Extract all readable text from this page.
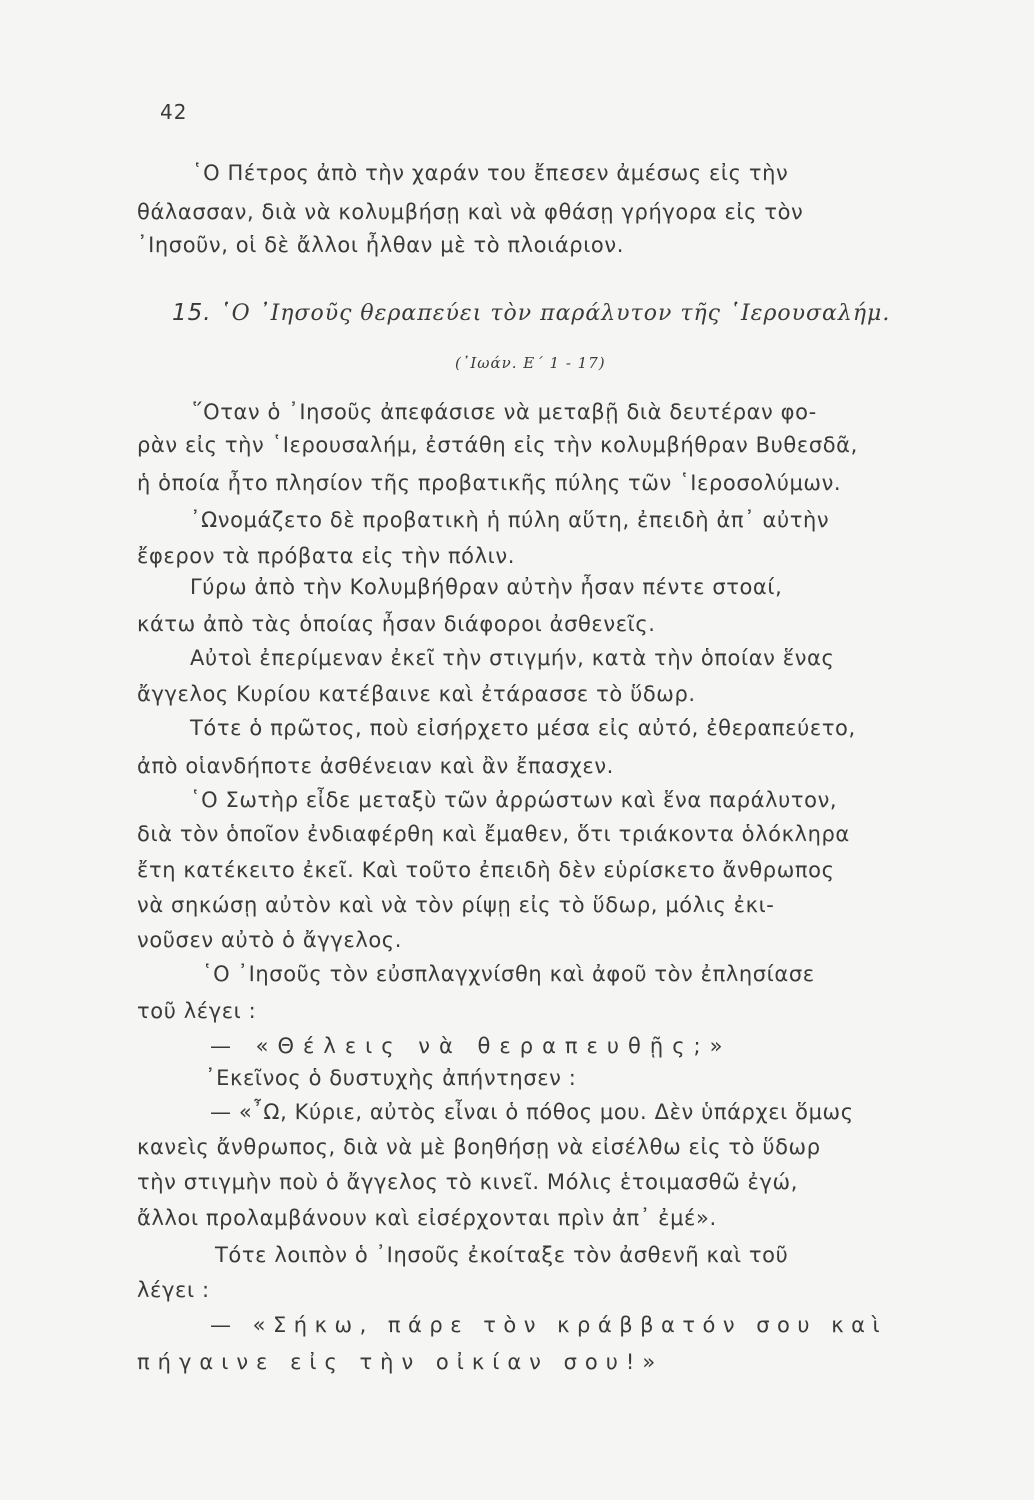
42
῾Ο Πέτρος ἀπὸ τὴν χαράν του ἔπεσεν ἀμέσως εἰς τὴν
θάλασσαν, διὰ νὰ κολυμβήσῃ καὶ νὰ φθάσῃ γρήγορα εἰς τὸν
᾿Ιησοῦν, οἱ δὲ ἄλλοι ἦλθαν μὲ τὸ πλοιάριον.
15. ῾Ο ᾿Ιησοῦς θεραπεύει τὸν παράλυτον τῆς ῾Ιερουσαλήμ.
(᾿Ιωάν. Ε΄ 1 - 17)
῞Οταν ὁ ᾿Ιησοῦς ἀπεφάσισε νὰ μεταβῇ διὰ δευτέραν φο-
ρὰν εἰς τὴν ῾Ιερουσαλήμ, ἐστάθη εἰς τὴν κολυμβήθραν Βυθεσδᾶ,
ἡ ὁποία ἦτο πλησίον τῆς προβατικῆς πύλης τῶν ῾Ιεροσολύμων.
᾿Ωνομάζετο δὲ προβατικὴ ἡ πύλη αὕτη, ἐπειδὴ ἀπ᾿ αὐτὴν
ἔφερον τὰ πρόβατα εἰς τὴν πόλιν.
Γύρω ἀπὸ τὴν Κολυμβήθραν αὐτὴν ἦσαν πέντε στοαί,
κάτω ἀπὸ τὰς ὁποίας ἦσαν διάφοροι ἀσθενεῖς.
Αὐτοὶ ἐπερίμεναν ἐκεῖ τὴν στιγμήν, κατὰ τὴν ὁποίαν ἕνας
ἄγγελος Κυρίου κατέβαινε καὶ ἐτάρασσε τὸ ὕδωρ.
Τότε ὁ πρῶτος, ποὺ εἰσήρχετο μέσα εἰς αὐτό, ἐθεραπεύετο,
ἀπὸ οἱανδήποτε ἀσθένειαν καὶ ἂν ἔπασχεν.
῾Ο Σωτὴρ εἶδε μεταξὺ τῶν ἀρρώστων καὶ ἕνα παράλυτον,
διὰ τὸν ὁποῖον ἐνδιαφέρθη καὶ ἔμαθεν, ὅτι τριάκοντα ὁλόκληρα
ἔτη κατέκειτο ἐκεῖ. Καὶ τοῦτο ἐπειδὴ δὲν εὑρίσκετο ἄνθρωπος
νὰ σηκώσῃ αὐτὸν καὶ νὰ τὸν ρίψῃ εἰς τὸ ὕδωρ, μόλις ἐκι-
νοῦσεν αὐτὸ ὁ ἄγγελος.
῾Ο ᾿Ιησοῦς τὸν εὐσπλαγχνίσθη καὶ ἀφοῦ τὸν ἐπλησίασε
τοῦ λέγει :
— «Θέλεις νὰ θεραπευθῇς;»
᾿Εκεῖνος ὁ δυστυχὴς ἀπήντησεν :
— «῏Ω, Κύριε, αὐτὸς εἶναι ὁ πόθος μου. Δὲν ὑπάρχει ὅμως
κανεὶς ἄνθρωπος, διὰ νὰ μὲ βοηθήσῃ νὰ εἰσέλθω εἰς τὸ ὕδωρ
τὴν στιγμὴν ποὺ ὁ ἄγγελος τὸ κινεῖ. Μόλις ἑτοιμασθῶ ἐγώ,
ἄλλοι προλαμβάνουν καὶ εἰσέρχονται πρὶν ἀπ᾿ ἐμέ».
Τότε λοιπὸν ὁ ᾿Ιησοῦς ἐκοίταξε τὸν ἀσθενῆ καὶ τοῦ
λέγει :
— «Σήκω, πάρε τὸν κράββατόν σου καὶ
πήγαινε εἰς τὴν οἰκίαν σου!»
